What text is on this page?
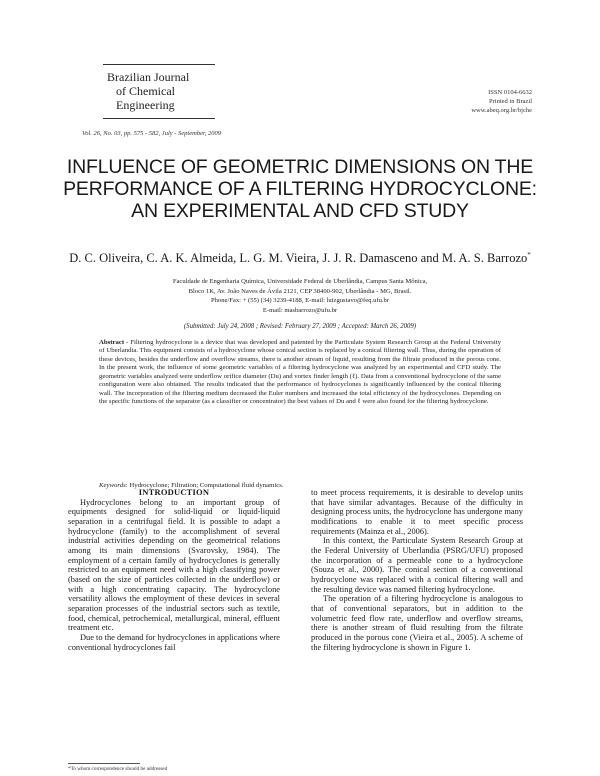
Brazilian Journal
of Chemical
Engineering
ISSN 0104-6632
Printed in Brazil
www.abeq.org.br/bjche
Vol. 26, No. 03, pp. 575 - 582, July - September, 2009
INFLUENCE OF GEOMETRIC DIMENSIONS ON THE PERFORMANCE OF A FILTERING HYDROCYCLONE: AN EXPERIMENTAL AND CFD STUDY
D. C. Oliveira, C. A. K. Almeida, L. G. M. Vieira, J. J. R. Damasceno and M. A. S. Barrozo*
Faculdade de Engenharia Química, Universidade Federal de Uberlândia, Campus Santa Mônica,
Bloco 1K, Av. João Naves de Ávila 2121, CEP 38400-902, Uberlândia - MG, Brasil.
Phone/Fax: + (55) (34) 3239-4188, E-mail: luizgustavo@feq.ufu.br
E-mail: masbarrozo@ufu.br
(Submitted: July 24, 2008 ; Revised: February 27, 2009 ; Accepted: March 26, 2009)
Abstract - Filtering hydrocyclone is a device that was developed and patented by the Particulate System Research Group at the Federal University of Uberlandia. This equipment consists of a hydrocyclone whose conical section is replaced by a conical filtering wall. Thus, during the operation of these devices, besides the underflow and overflow streams, there is another stream of liquid, resulting from the filtrate produced in the porous cone. In the present work, the influence of some geometric variables of a filtering hydrocyclone was analyzed by an experimental and CFD study. The geometric variables analyzed were underflow orifice diameter (Du) and vortex finder length (ℓ). Data from a conventional hydrocyclone of the same configuration were also obtained. The results indicated that the performance of hydrocyclones is significantly influenced by the conical filtering wall. The incorporation of the filtering medium decreased the Euler numbers and increased the total efficiency of the hydrocyclones. Depending on the specific functions of the separator (as a classifier or concentrator) the best values of Du and ℓ were also found for the filtering hydrocyclone.
Keywords: Hydrocyclone; Filtration; Computational fluid dynamics.

INTRODUCTION

Hydrocyclones belong to an important group of equipments designed for solid-liquid or liquid-liquid separation in a centrifugal field. It is possible to adapt a hydrocyclone (family) to the accomplishment of several industrial activities depending on the geometrical relations among its main dimensions (Svarovsky, 1984). The employment of a certain family of hydrocyclones is generally restricted to an equipment need with a high classifying power (based on the size of particles collected in the underflow) or with a high concentrating capacity. The hydrocyclone versatility allows the employment of these devices in several separation processes of the industrial sectors such as textile, food, chemical, petrochemical, metallurgical, mineral, effluent treatment etc.

Due to the demand for hydrocyclones in applications where conventional hydrocyclones fail

to meet process requirements, it is desirable to develop units that have similar advantages. Because of the difficulty in designing process units, the hydrocyclone has undergone many modifications to enable it to meet specific process requirements (Mainza et al., 2006).

In this context, the Particulate System Research Group at the Federal University of Uberlandia (PSRG/UFU) proposed the incorporation of a permeable cone to a hydrocyclone (Souza et al., 2000). The conical section of a conventional hydrocyclone was replaced with a conical filtering wall and the resulting device was named filtering hydrocyclone.

The operation of a filtering hydrocyclone is analogous to that of conventional separators, but in addition to the volumetric feed flow rate, underflow and overflow streams, there is another stream of fluid resulting from the filtrate produced in the porous cone (Vieira et al., 2005). A scheme of the filtering hydrocyclone is shown in Figure 1.

*To whom correspondence should be addressed
